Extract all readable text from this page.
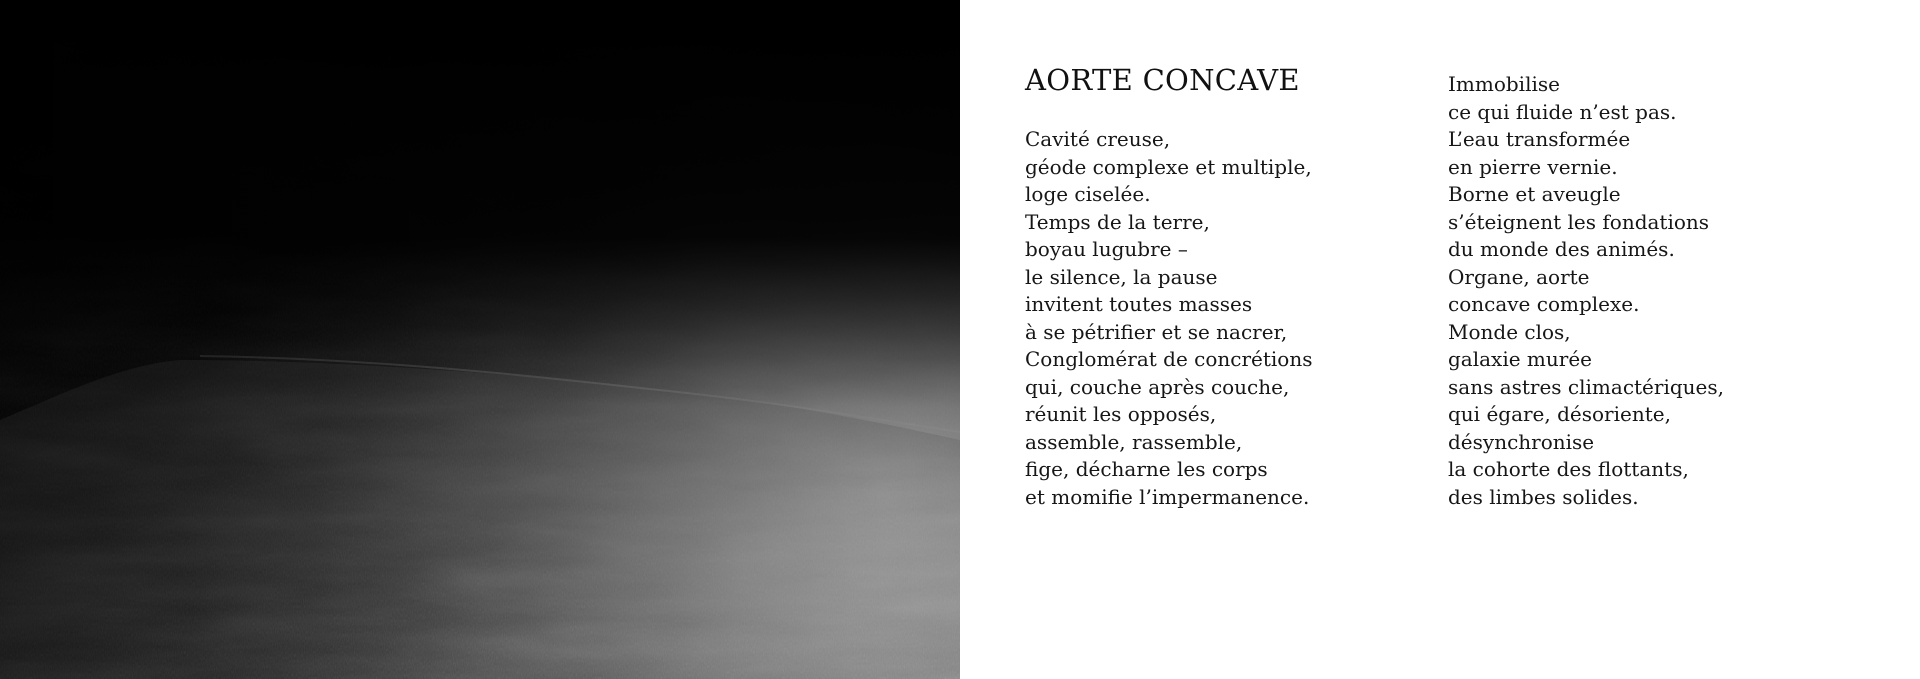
AORTE CONCAVE
Cavité creuse,
géode complexe et multiple,
loge ciselée.
Temps de la terre,
boyau lugubre –
le silence, la pause
invitent toutes masses
à se pétrifier et se nacrer,
Conglomérat de concrétions
qui, couche après couche,
réunit les opposés,
assemble, rassemble,
fige, décharne les corps
et momifie l’impermanence.
Immobilise
ce qui fluide n’est pas.
L’eau transformée
en pierre vernie.
Borne et aveugle
s’éteignent les fondations
du monde des animés.
Organe, aorte
concave complexe.
Monde clos,
galaxie murée
sans astres climactériques,
qui égare, désoriente,
désynchronise
la cohorte des flottants,
des limbes solides.
